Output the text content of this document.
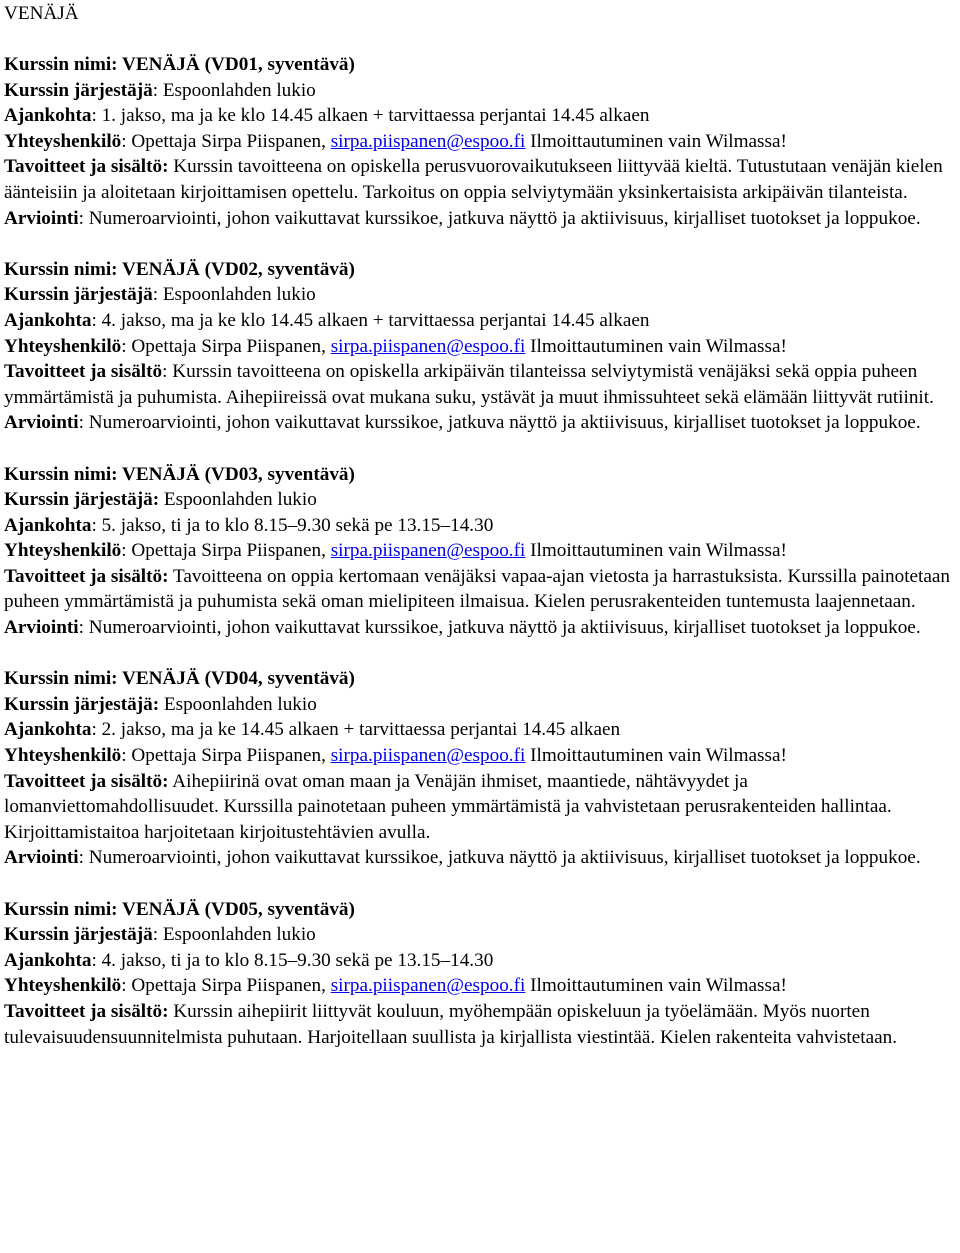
VENÄJÄ
Kurssin nimi: VENÄJÄ (VD01, syventävä)
Kurssin järjestäjä: Espoonlahden lukio
Ajankohta: 1. jakso, ma ja ke klo 14.45 alkaen + tarvittaessa perjantai 14.45 alkaen
Yhteyshenkilö: Opettaja Sirpa Piispanen, sirpa.piispanen@espoo.fi Ilmoittautuminen vain Wilmassa!
Tavoitteet ja sisältö: Kurssin tavoitteena on opiskella perusvuorovaikutukseen liittyvää kieltä. Tutustutaan venäjän kielen äänteisiin ja aloitetaan kirjoittamisen opettelu. Tarkoitus on oppia selviytymään yksinkertaisista arkipäivän tilanteista.
Arviointi: Numeroarviointi, johon vaikuttavat kurssikoe, jatkuva näyttö ja aktiivisuus, kirjalliset tuotokset ja loppukoe.
Kurssin nimi: VENÄJÄ (VD02, syventävä)
Kurssin järjestäjä: Espoonlahden lukio
Ajankohta: 4. jakso, ma ja ke klo 14.45 alkaen + tarvittaessa perjantai 14.45 alkaen
Yhteyshenkilö: Opettaja Sirpa Piispanen, sirpa.piispanen@espoo.fi Ilmoittautuminen vain Wilmassa!
Tavoitteet ja sisältö: Kurssin tavoitteena on opiskella arkipäivän tilanteissa selviytymistä venäjäksi sekä oppia puheen ymmärtämistä ja puhumista. Aihepiireissä ovat mukana suku, ystävät ja muut ihmissuhteet sekä elämään liittyvät rutiinit.
Arviointi: Numeroarviointi, johon vaikuttavat kurssikoe, jatkuva näyttö ja aktiivisuus, kirjalliset tuotokset ja loppukoe.
Kurssin nimi: VENÄJÄ (VD03, syventävä)
Kurssin järjestäjä: Espoonlahden lukio
Ajankohta: 5. jakso, ti ja to klo 8.15–9.30 sekä pe 13.15–14.30
Yhteyshenkilö: Opettaja Sirpa Piispanen, sirpa.piispanen@espoo.fi Ilmoittautuminen vain Wilmassa!
Tavoitteet ja sisältö: Tavoitteena on oppia kertomaan venäjäksi vapaa-ajan vietosta ja harrastuksista. Kurssilla painotetaan puheen ymmärtämistä ja puhumista sekä oman mielipiteen ilmaisua. Kielen perusrakenteiden tuntemusta laajennetaan.
Arviointi: Numeroarviointi, johon vaikuttavat kurssikoe, jatkuva näyttö ja aktiivisuus, kirjalliset tuotokset ja loppukoe.
Kurssin nimi: VENÄJÄ (VD04, syventävä)
Kurssin järjestäjä: Espoonlahden lukio
Ajankohta: 2. jakso, ma ja ke 14.45 alkaen + tarvittaessa perjantai 14.45 alkaen
Yhteyshenkilö: Opettaja Sirpa Piispanen, sirpa.piispanen@espoo.fi Ilmoittautuminen vain Wilmassa!
Tavoitteet ja sisältö: Aihepiirinä ovat oman maan ja Venäjän ihmiset, maantiede, nähtävyydet ja lomanviettomahdollisuudet. Kurssilla painotetaan puheen ymmärtämistä ja vahvistetaan perusrakenteiden hallintaa. Kirjoittamistaitoa harjoitetaan kirjoitustehtävien avulla.
Arviointi: Numeroarviointi, johon vaikuttavat kurssikoe, jatkuva näyttö ja aktiivisuus, kirjalliset tuotokset ja loppukoe.
Kurssin nimi: VENÄJÄ (VD05, syventävä)
Kurssin järjestäjä: Espoonlahden lukio
Ajankohta: 4. jakso, ti ja to klo 8.15–9.30 sekä pe 13.15–14.30
Yhteyshenkilö: Opettaja Sirpa Piispanen, sirpa.piispanen@espoo.fi Ilmoittautuminen vain Wilmassa!
Tavoitteet ja sisältö: Kurssin aihepiirit liittyvät kouluun, myöhempään opiskeluun ja työelämään. Myös nuorten tulevaisuudensuunnitelmista puhutaan. Harjoitellaan suullista ja kirjallista viestintää. Kielen rakenteita vahvistetaan.
